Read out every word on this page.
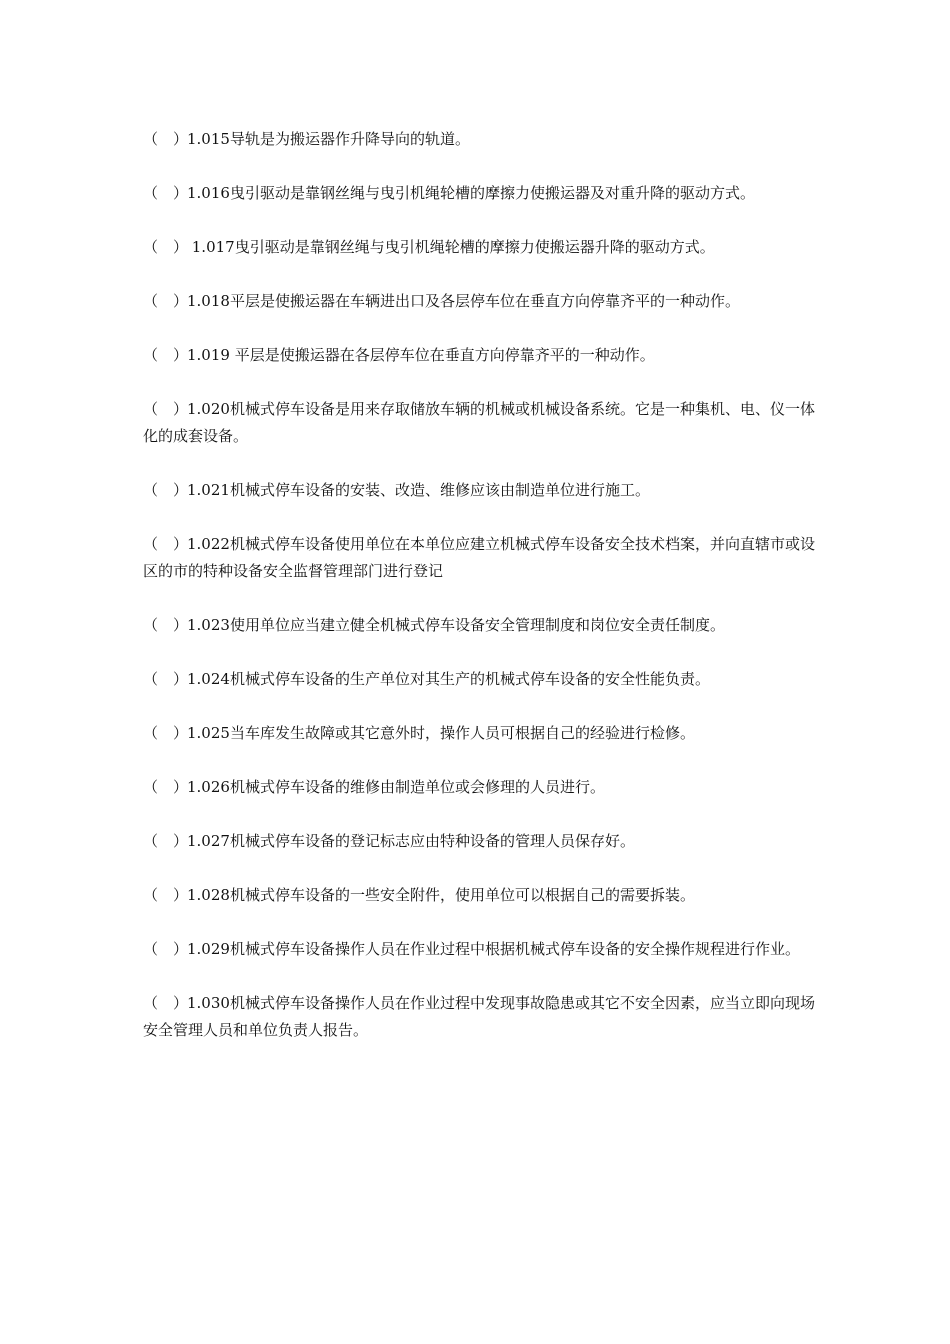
（ ）1.015导轨是为搬运器作升降导向的轨道。

（ ）1.016曳引驱动是靠钢丝绳与曳引机绳轮槽的摩擦力使搬运器及对重升降的驱动方式。

（ ） 1.017曳引驱动是靠钢丝绳与曳引机绳轮槽的摩擦力使搬运器升降的驱动方式。

（ ）1.018平层是使搬运器在车辆进出口及各层停车位在垂直方向停靠齐平的一种动作。

（ ）1.019 平层是使搬运器在各层停车位在垂直方向停靠齐平的一种动作。

（ ）1.020机械式停车设备是用来存取储放车辆的机械或机械设备系统。它是一种集机、电、仪一体化的成套设备。

（ ）1.021机械式停车设备的安装、改造、维修应该由制造单位进行施工。

（ ）1.022机械式停车设备使用单位在本单位应建立机械式停车设备安全技术档案，并向直辖市或设区的市的特种设备安全监督管理部门进行登记

（ ）1.023使用单位应当建立健全机械式停车设备安全管理制度和岗位安全责任制度。

（ ）1.024机械式停车设备的生产单位对其生产的机械式停车设备的安全性能负责。

（ ）1.025当车库发生故障或其它意外时，操作人员可根据自己的经验进行检修。

（ ）1.026机械式停车设备的维修由制造单位或会修理的人员进行。

（ ）1.027机械式停车设备的登记标志应由特种设备的管理人员保存好。

（ ）1.028机械式停车设备的一些安全附件，使用单位可以根据自己的需要拆装。

（ ）1.029机械式停车设备操作人员在作业过程中根据机械式停车设备的安全操作规程进行作业。

（ ）1.030机械式停车设备操作人员在作业过程中发现事故隐患或其它不安全因素，应当立即向现场安全管理人员和单位负责人报告。
